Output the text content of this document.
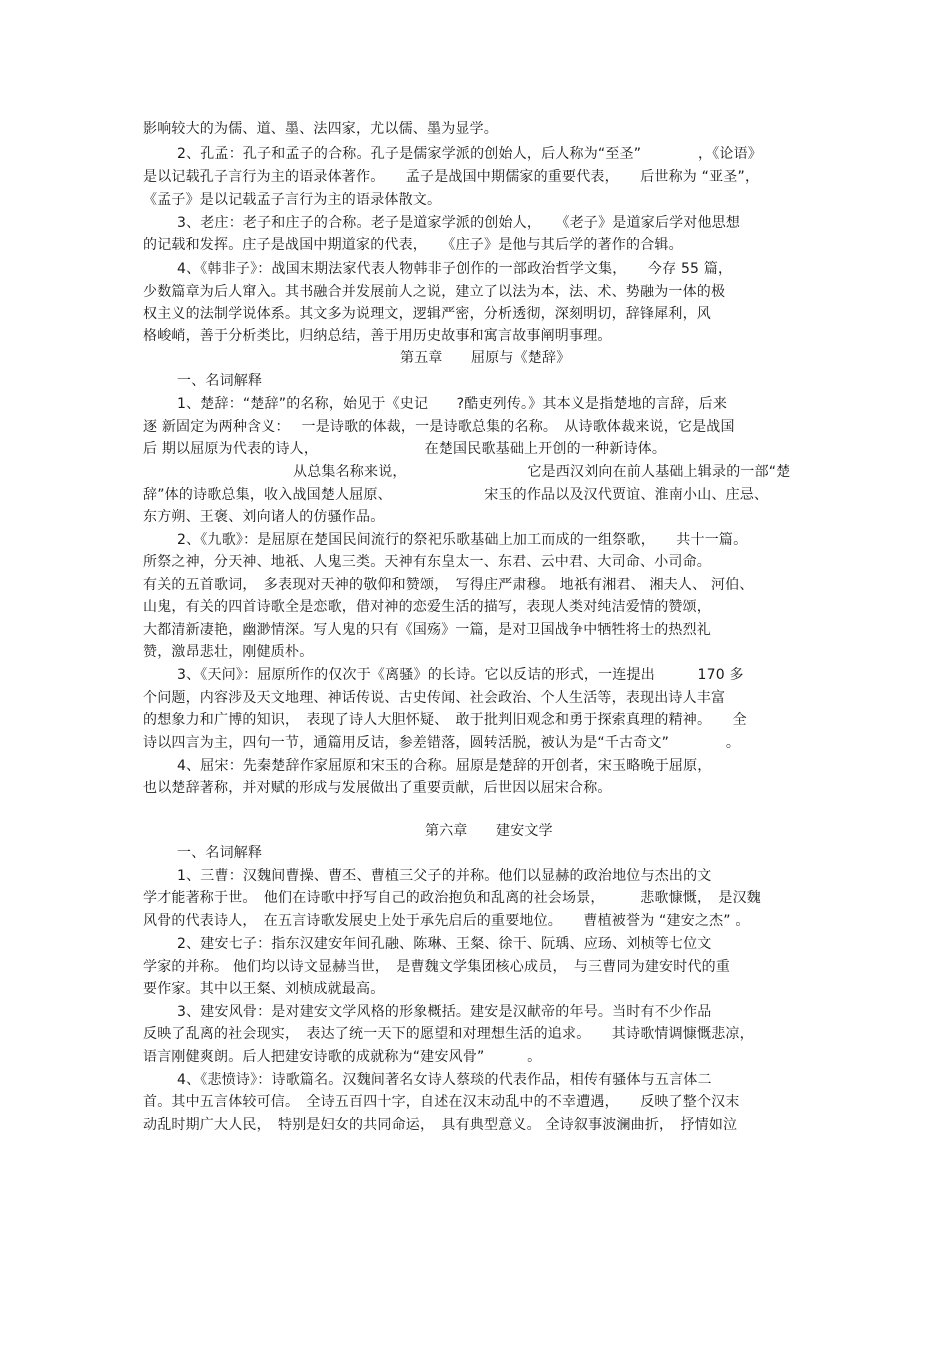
影响较大的为儒、道、墨、法四家，尤以儒、墨为显学。
2、孔孟：孔子和孟子的合称。孔子是儒家学派的创始人，后人称为“至圣”　　　　，《论语》
是以记载孔子言行为主的语录体著作。　　孟子是战国中期儒家的重要代表，　　后世称为 “亚圣”，
《孟子》是以记载孟子言行为主的语录体散文。
3、老庄：老子和庄子的合称。老子是道家学派的创始人，　　《老子》是道家后学对他思想
的记载和发挥。庄子是战国中期道家的代表，　　《庄子》是他与其后学的著作的合辑。
4、《韩非子》：战国末期法家代表人物韩非子创作的一部政治哲学文集，　　今存 55 篇，
少数篇章为后人窜入。其书融合并发展前人之说，建立了以法为本，法、术、势融为一体的极
权主义的法制学说体系。其文多为说理文，逻辑严密，分析透彻，深刻明切，辞锋犀利，风
格峻峭，善于分析类比，归纳总结，善于用历史故事和寓言故事阐明事理。
第五章　　屈原与《楚辞》
一、名词解释
1、楚辞：“楚辞”的名称，始见于《史记　　?酷吏列传。》其本义是指楚地的言辞，后来
逐 新固定为两种含义：　 一是诗歌的体裁，一是诗歌总集的名称。　从诗歌体裁来说，它是战国
后 期以屈原为代表的诗人，　　　　　　　　在楚国民歌基础上开创的一种新诗体。
从总集名称来说，　　　　　　　　　它是西汉刘向在前人基础上辑录的一部“楚
辞”体的诗歌总集，收入战国楚人屈原、　　　　　　　宋玉的作品以及汉代贾谊、淮南小山、庄忌、
东方朔、王褒、刘向诸人的仿骚作品。
2、《九歌》：是屈原在楚国民间流行的祭祀乐歌基础上加工而成的一组祭歌，　　共十一篇。
所祭之神，分天神、地祇、人鬼三类。天神有东皇太一、东君、云中君、大司命、小司命。
有关的五首歌词，　多表现对天神的敬仰和赞颂，　写得庄严肃穆。 地祇有湘君、 湘夫人、 河伯、
山鬼，有关的四首诗歌全是恋歌，借对神的恋爱生活的描写，表现人类对纯洁爱情的赞颂，
大都清新凄艳，幽渺情深。写人鬼的只有《国殇》一篇，是对卫国战争中牺牲将士的热烈礼
赞，激昂悲壮，刚健质朴。
3、《天问》：屈原所作的仅次于《离骚》的长诗。它以反诘的形式，一连提出　　　170 多
个问题，内容涉及天文地理、神话传说、古史传闻、社会政治、个人生活等，表现出诗人丰富
的想象力和广博的知识，　表现了诗人大胆怀疑、　敢于批判旧观念和勇于探索真理的精神。　　全
诗以四言为主，四句一节，通篇用反诘，参差错落，圆转活脱，被认为是“千古奇文”　　　　。
4、屈宋：先秦楚辞作家屈原和宋玉的合称。屈原是楚辞的开创者，宋玉略晚于屈原，
也以楚辞著称，并对赋的形成与发展做出了重要贡献，后世因以屈宋合称。
第六章　　建安文学
一、名词解释
1、三曹：汉魏间曹操、曹丕、曹植三父子的并称。他们以显赫的政治地位与杰出的文
学才能著称于世。　他们在诗歌中抒写自己的政治抱负和乱离的社会场景，　　　悲歌慷慨，　是汉魏
风骨的代表诗人，　在五言诗歌发展史上处于承先启后的重要地位。　　曹植被誉为 “建安之杰” 。
2、建安七子：指东汉建安年间孔融、陈琳、王粲、徐干、阮瑀、应玚、刘桢等七位文
学家的并称。 他们均以诗文显赫当世，　是曹魏文学集团核心成员，　与三曹同为建安时代的重
要作家。其中以王粲、刘桢成就最高。
3、建安风骨：是对建安文学风格的形象概括。建安是汉献帝的年号。当时有不少作品
反映了乱离的社会现实，　表达了统一天下的愿望和对理想生活的追求。　　其诗歌情调慷慨悲凉，
语言刚健爽朗。后人把建安诗歌的成就称为“建安风骨”　　　。
4、《悲愤诗》：诗歌篇名。汉魏间著名女诗人蔡琰的代表作品，相传有骚体与五言体二
首。其中五言体较可信。　全诗五百四十字，自述在汉末动乱中的不幸遭遇，　　反映了整个汉末
动乱时期广大人民，　特别是妇女的共同命运，　具有典型意义。 全诗叙事波澜曲折，　抒情如泣
